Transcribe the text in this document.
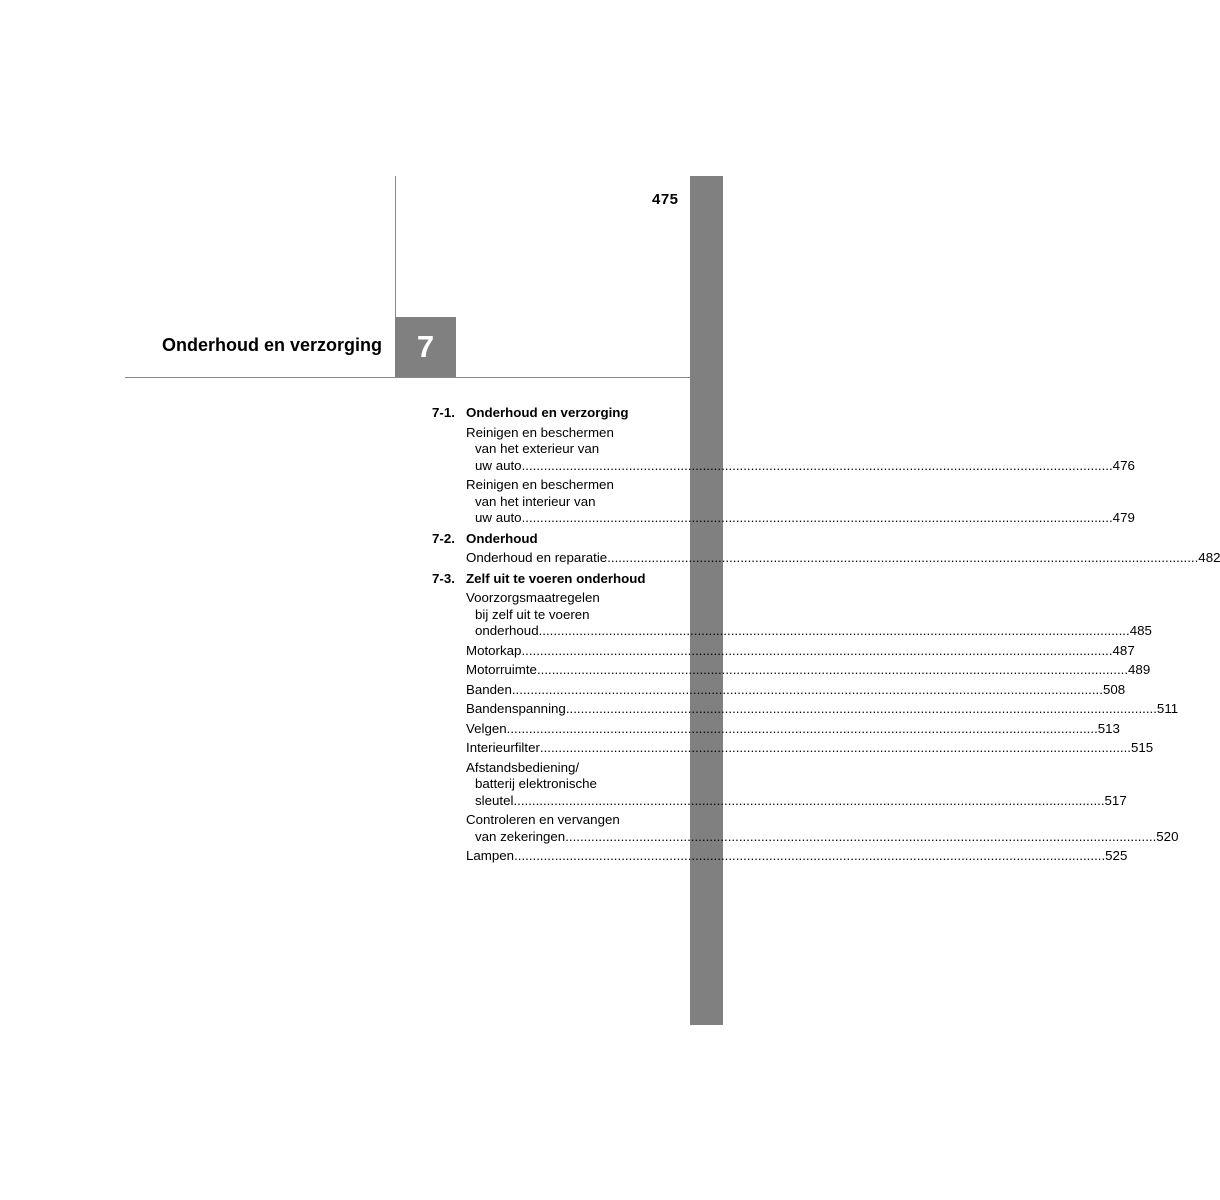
475
Onderhoud en verzorging 7
7-1. Onderhoud en verzorging
Reinigen en beschermen
van het exterieur van
uw auto ................................................................................................................................................................ 476
Reinigen en beschermen
van het interieur van
uw auto ................................................................................................................................................................ 479
7-2. Onderhoud
Onderhoud en reparatie ................................................................................................................................................................ 482
7-3. Zelf uit te voeren onderhoud
Voorzorgsmaatregelen
bij zelf uit te voeren
onderhoud ................................................................................................................................................................ 485
Motorkap ................................................................................................................................................................ 487
Motorruimte ................................................................................................................................................................ 489
Banden ................................................................................................................................................................ 508
Bandenspanning ................................................................................................................................................................ 511
Velgen ................................................................................................................................................................ 513
Interieurfilter ................................................................................................................................................................ 515
Afstandsbediening/
batterij elektronische
sleutel ................................................................................................................................................................ 517
Controleren en vervangen
van zekeringen ................................................................................................................................................................ 520
Lampen ................................................................................................................................................................ 525
